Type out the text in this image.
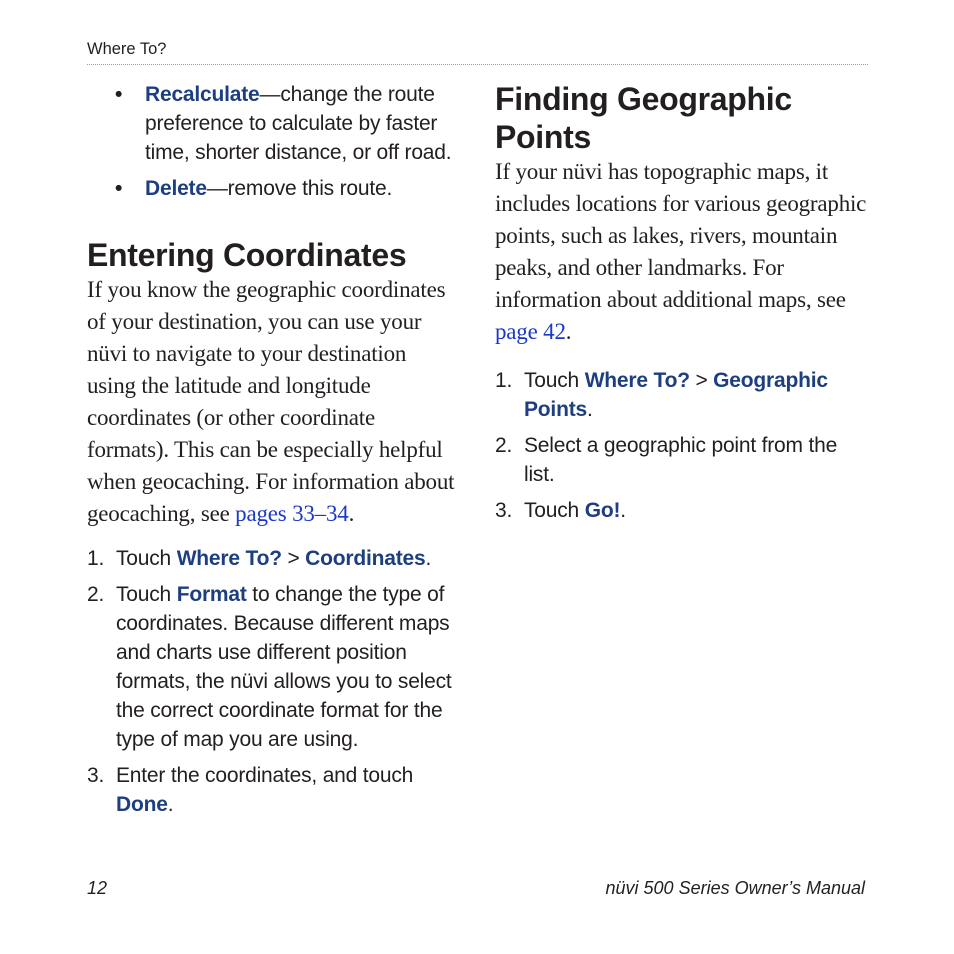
Where To?
• Recalculate—change the route preference to calculate by faster time, shorter distance, or off road.
• Delete—remove this route.
Entering Coordinates

If you know the geographic coordinates of your destination, you can use your nüvi to navigate to your destination using the latitude and longitude coordinates (or other coordinate formats). This can be especially helpful when geocaching. For information about geocaching, see pages 33–34.

1. Touch Where To? > Coordinates.
2. Touch Format to change the type of coordinates. Because different maps and charts use different position formats, the nüvi allows you to select the correct coordinate format for the type of map you are using.
3. Enter the coordinates, and touch Done.
Finding Geographic Points

If your nüvi has topographic maps, it includes locations for various geographic points, such as lakes, rivers, mountain peaks, and other landmarks. For information about additional maps, see page 42.

1. Touch Where To? > Geographic Points.
2. Select a geographic point from the list.
3. Touch Go!.
12	nüvi 500 Series Owner’s Manual
